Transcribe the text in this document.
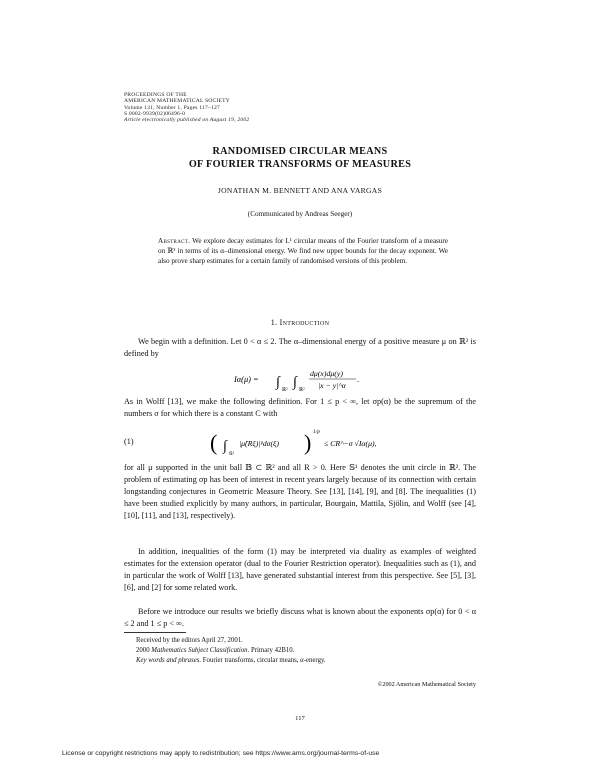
PROCEEDINGS OF THE
AMERICAN MATHEMATICAL SOCIETY
Volume 131, Number 1, Pages 117–127
S 0002-9939(02)06496-0
Article electronically published on August 19, 2002
RANDOMISED CIRCULAR MEANS
OF FOURIER TRANSFORMS OF MEASURES
JONATHAN M. BENNETT AND ANA VARGAS
(Communicated by Andreas Seeger)
Abstract. We explore decay estimates for L¹ circular means of the Fourier transform of a measure on ℝ² in terms of its α–dimensional energy. We find new upper bounds for the decay exponent. We also prove sharp estimates for a certain family of randomised versions of this problem.
1. Introduction
We begin with a definition. Let 0 < α ≤ 2. The α–dimensional energy of a positive measure μ on ℝ² is defined by
Iα(μ) = ∫
ℝ²
∫
ℝ²
dμ(x)dμ(y)
|x − y|^α
.
As in Wolff [13], we make the following definition. For 1 ≤ p < ∞, let σp(α) be the supremum of the numbers σ for which there is a constant C with
(1)	( ∫
𝕊¹
|μ̂(Rξ)|ᵖdσ(ξ) ) 1/p
≤ CR^−σ √Iα(μ),
for all μ supported in the unit ball 𝔹 ⊂ ℝ² and all R > 0. Here 𝕊¹ denotes the unit circle in ℝ². The problem of estimating σp has been of interest in recent years largely because of its connection with certain longstanding conjectures in Geometric Measure Theory. See [13], [14], [9], and [8]. The inequalities (1) have been studied explicitly by many authors, in particular, Bourgain, Mattila, Sjölin, and Wolff (see [4], [10], [11], and [13], respectively).
In addition, inequalities of the form (1) may be interpreted via duality as examples of weighted estimates for the extension operator (dual to the Fourier Restriction operator). Inequalities such as (1), and in particular the work of Wolff [13], have generated substantial interest from this perspective. See [5], [3], [6], and [2] for some related work.
Before we introduce our results we briefly discuss what is known about the exponents σp(α) for 0 < α ≤ 2 and 1 ≤ p < ∞.
Received by the editors April 27, 2001.
2000 Mathematics Subject Classification. Primary 42B10.
Key words and phrases. Fourier transforms, circular means, α-energy.
©2002 American Mathematical Society
117
License or copyright restrictions may apply to redistribution; see https://www.ams.org/journal-terms-of-use
